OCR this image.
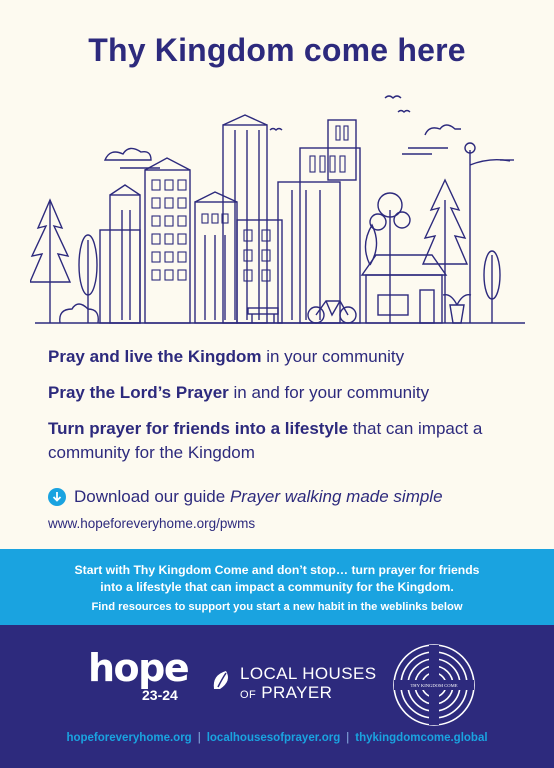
Thy Kingdom come here

Pray and live the Kingdom in your community

Pray the Lord’s Prayer in and for your community

Turn prayer for friends into a lifestyle that can impact a community for the Kingdom

Download our guide
Prayer walking made simple
www.hopeforeveryhome.org/pwms
Start with Thy Kingdom Come and don’t stop… turn prayer for friends
into a lifestyle that can impact a community for the Kingdom.
Find resources to support you start a new habit in the weblinks below
hope
23-24
LOCAL HOUSES
OF PRAYER	THY KINGDOM COME
hopeforeveryhome.org | localhousesofprayer.org | thykingdomcome.global
